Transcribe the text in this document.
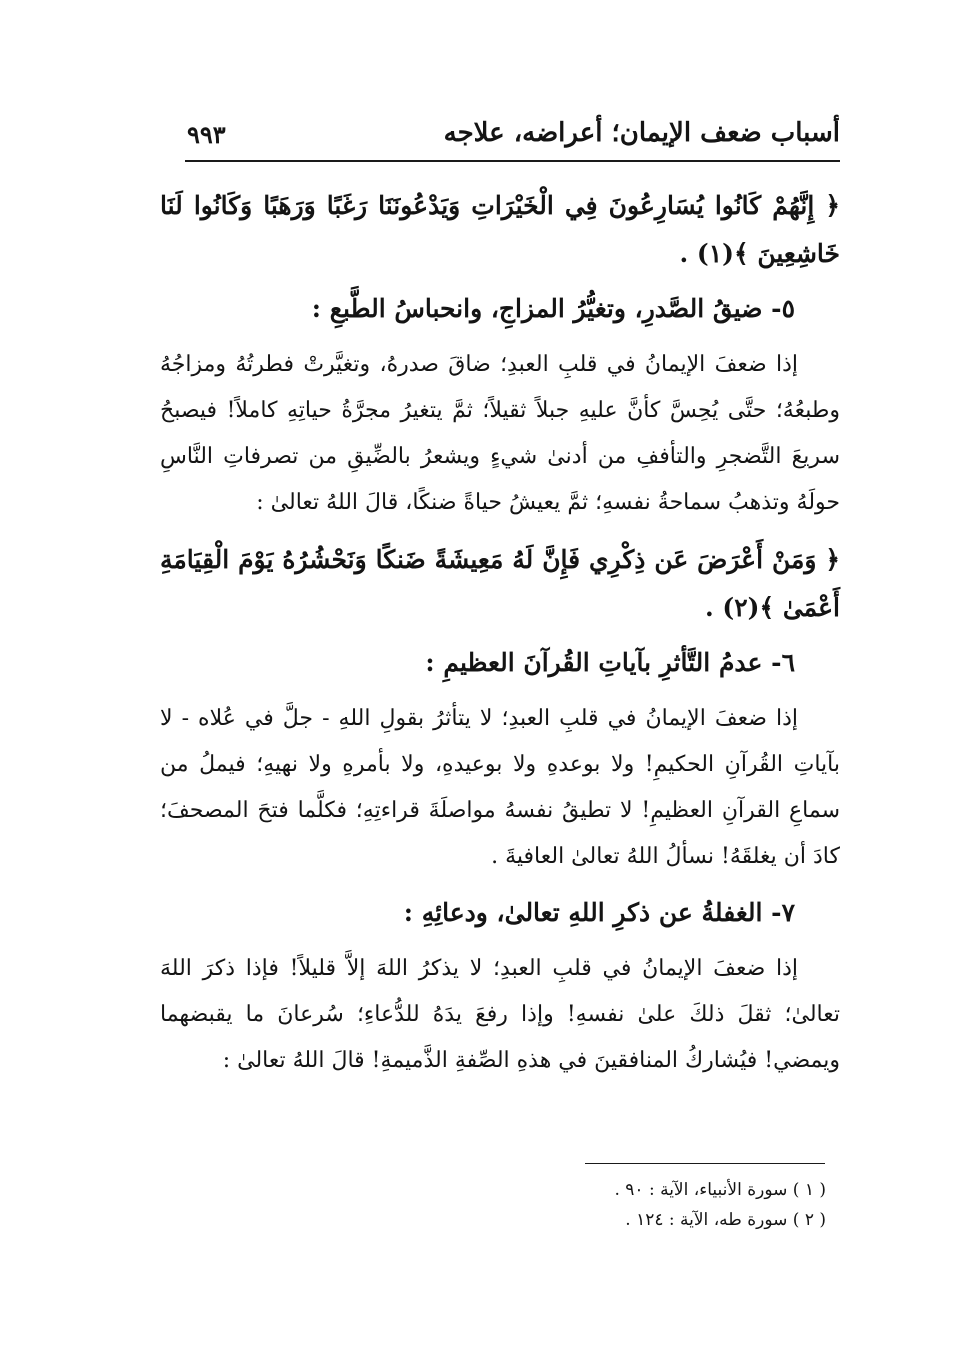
أسباب ضعف الإيمان؛ أعراضه، علاجه
٩٩٣

﴿ إِنَّهُمْ كَانُوا يُسَارِعُونَ فِي الْخَيْرَاتِ وَيَدْعُونَنَا رَغَبًا وَرَهَبًا وَكَانُوا لَنَا خَاشِعِينَ ﴾(١) .

٥- ضيقُ الصَّدرِ، وتغيُّرُ المزاجِ، وانحباسُ الطَّبعِ :

إذا ضعفَ الإيمانُ في قلبِ العبدِ؛ ضاقَ صدرهُ، وتغيَّرتْ فطرتُهُ ومزاجُهُ وطبعُهُ؛ حتَّى يُحِسَّ كأنَّ عليهِ جبلاً ثقيلاً؛ ثمَّ يتغيرُ مجرَّةُ حياتِهِ كاملاً! فيصبحُ سريعَ التَّضجرِ والتأففِ من أدنىٰ شيءٍ ويشعرُ بالضِّيقِ من تصرفاتِ النَّاسِ حولَهُ وتذهبُ سماحةُ نفسهِ؛ ثمَّ يعيشُ حياةً ضنكًا، قالَ اللهُ تعالىٰ :

﴿ وَمَنْ أَعْرَضَ عَن ذِكْرِي فَإِنَّ لَهُ مَعِيشَةً ضَنكًا وَنَحْشُرُهُ يَوْمَ الْقِيَامَةِ أَعْمَىٰ ﴾(٢) .

٦- عدمُ التَّأثرِ بآياتِ القُرآنَ العظيمِ :

إذا ضعفَ الإيمانُ في قلبِ العبدِ؛ لا يتأثرُ بقولِ اللهِ - جلَّ في عُلاه - لا بآياتِ القُرآنِ الحكيمِ! ولا بوعدهِ ولا بوعيدهِ، ولا بأمرهِ ولا نهيهِ؛ فيملُ من سماعِ القرآنِ العظيمِ! لا تطيقُ نفسهُ مواصلَةَ قراءتِهِ؛ فكلَّما فتحَ المصحفَ؛ كادَ أن يغلقَهُ! نسألُ اللهُ تعالىٰ العافيةَ .

٧- الغفلةُ عن ذكرِ اللهِ تعالىٰ، ودعائِهِ :

إذا ضعفَ الإيمانُ في قلبِ العبدِ؛ لا يذكرُ اللهَ إلاَّ قليلاً! فإذا ذكرَ اللهَ تعالىٰ؛ ثقلَ ذلكَ علىٰ نفسهِ! وإذا رفعَ يدَهُ للدُّعاءِ؛ سُرعانَ ما يقبضهما ويمضي! فيُشاركُ المنافقينَ في هذهِ الصِّفةِ الذَّميمةِ! قالَ اللهُ تعالىٰ :

( ١ ) سورة الأنبياء، الآية : ٩٠ .

( ٢ ) سورة طه، الآية : ١٢٤ .
